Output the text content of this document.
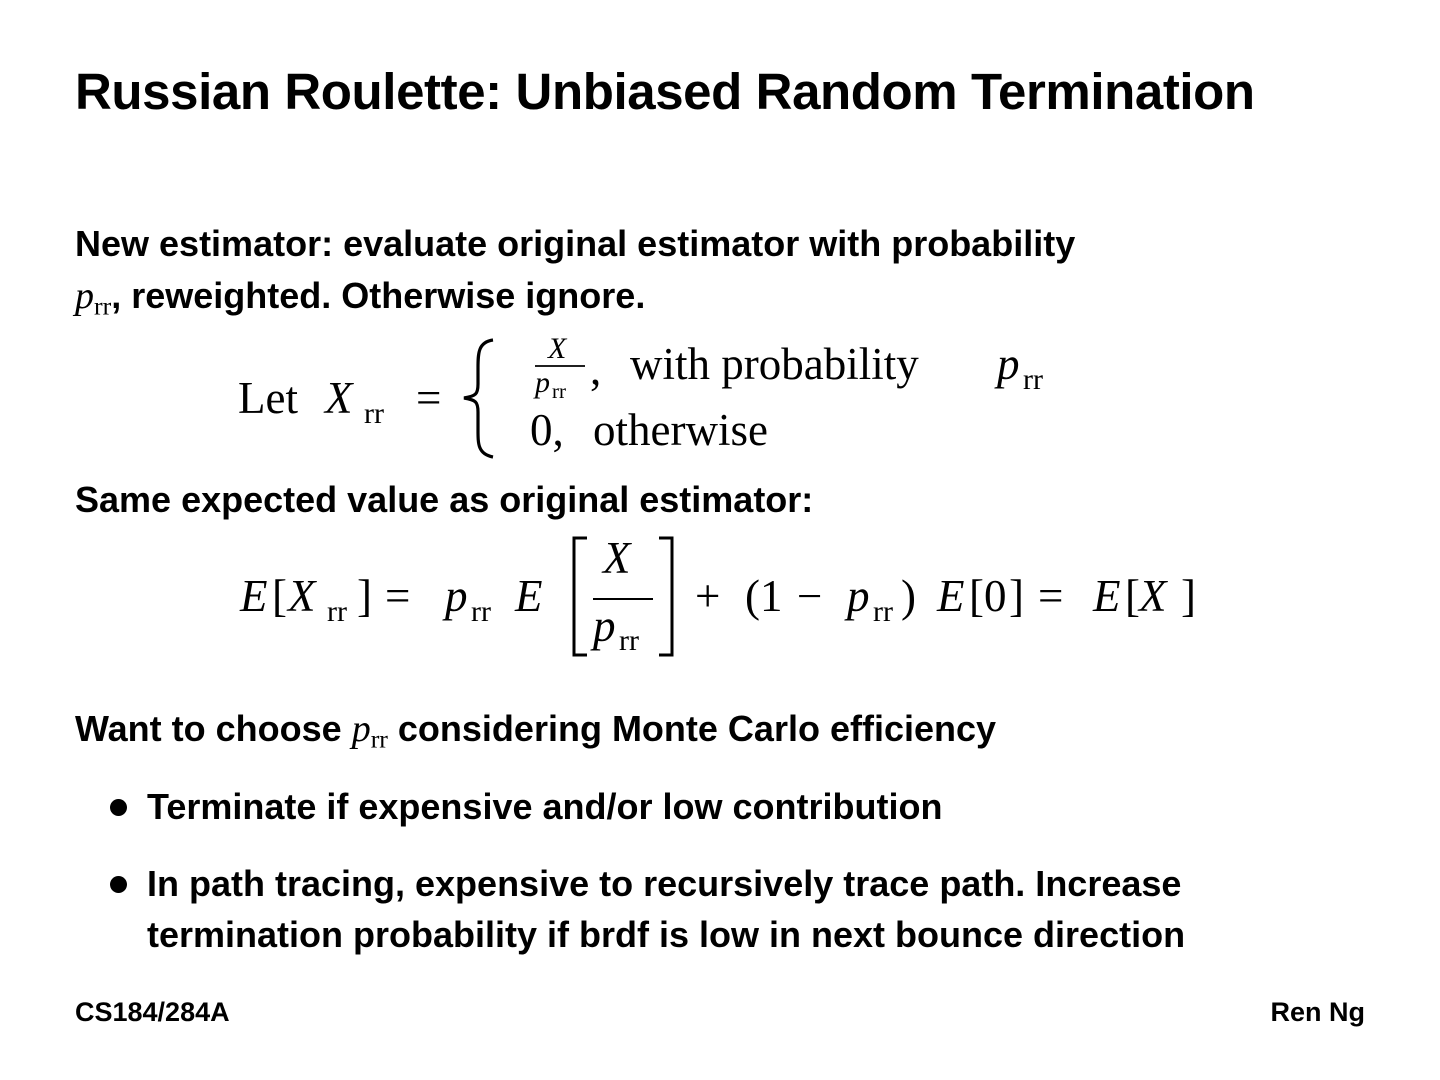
Russian Roulette: Unbiased Random Termination
New estimator: evaluate original estimator with probability
$p_{rr}$, reweighted. Otherwise ignore.
Let X rr =
X
p rr , with probability p rr
0, otherwise
Same expected value as original estimator:
E [ X rr ] = p rr E
X
p rr
+ (1 − p rr ) E [ 0 ] = E [ X ]
Want to choose $p_{rr}$ considering Monte Carlo efficiency
Terminate if expensive and/or low contribution
In path tracing, expensive to recursively trace path. Increase
termination probability if brdf is low in next bounce direction
CS184/284A	Ren Ng
